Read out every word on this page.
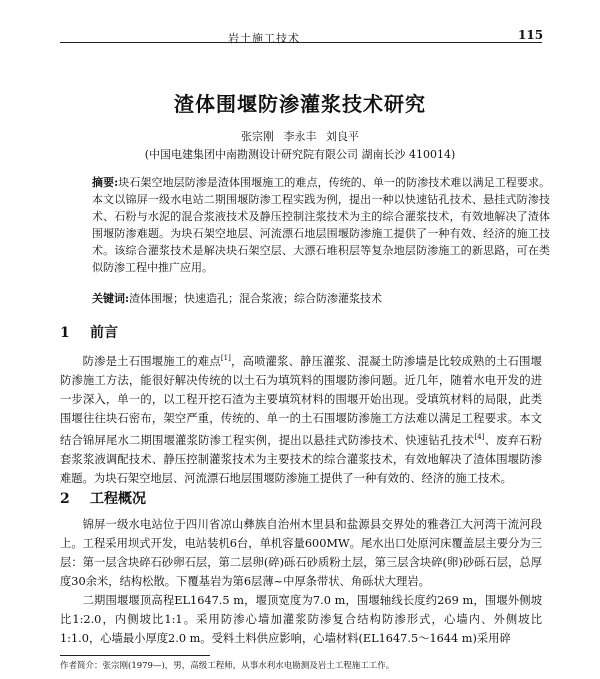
岩土施工技术	115
渣体围堰防渗灌浆技术研究
张宗刚 李永丰 刘良平
(中国电建集团中南勘测设计研究院有限公司 湖南长沙 410014)

摘要:块石架空地层防渗是渣体围堰施工的难点，传统的、单一的防渗技术难以满足工程要求。本文以锦屏一级水电站二期围堰防渗工程实践为例，提出一种以快速钻孔技术、悬挂式防渗技术、石粉与水泥的混合浆液技术及静压控制注浆技术为主的综合灌浆技术，有效地解决了渣体围堰防渗难题。为块石架空地层、河流漂石地层围堰防渗施工提供了一种有效、经济的施工技术。该综合灌浆技术是解决块石架空层、大漂石堆积层等复杂地层防渗施工的新思路，可在类似防渗工程中推广应用。

关键词:渣体围堰；快速造孔；混合浆液；综合防渗灌浆技术

1 前言

防渗是土石围堰施工的难点[1]，高喷灌浆、静压灌浆、混凝土防渗墙是比较成熟的土石围堰防渗施工方法，能很好解决传统的以土石为填筑料的围堰防渗问题。近几年，随着水电开发的进一步深入，单一的，以工程开挖石渣为主要填筑材料的围堰开始出现。受填筑材料的局限，此类围堰往往块石密布，架空严重，传统的、单一的土石围堰防渗施工方法难以满足工程要求。本文结合锦屏尾水二期围堰灌浆防渗工程实例，提出以悬挂式防渗技术、快速钻孔技术[4]、废弃石粉套浆浆液调配技术、静压控制灌浆技术为主要技术的综合灌浆技术，有效地解决了渣体围堰防渗难题。为块石架空地层、河流漂石地层围堰防渗施工提供了一种有效的、经济的施工技术。

2 工程概况

锦屏一级水电站位于四川省凉山彝族自治州木里县和盐源县交界处的雅砻江大河湾干流河段上。工程采用坝式开发，电站装机6台，单机容量600MW。尾水出口处原河床覆盖层主要分为三层：第一层含块碎石砂卵石层，第二层卵(碎)砾石砂质粉土层，第三层含块碎(卵)砂砾石层，总厚度30余米，结构松散。下覆基岩为第6层薄~中厚条带状、角砾状大理岩。

二期围堰堰顶高程EL1647.5 m，堰顶宽度为7.0 m，围堰轴线长度约269 m，围堰外侧坡比1:2.0，内侧坡比1:1。采用防渗心墙加灌浆防渗复合结构防渗形式，心墙内、外侧坡比1:1.0，心墙最小厚度2.0 m。受料土料供应影响，心墙材料(EL1647.5～1644 m)采用碎

作者简介：张宗刚(1979—)，男，高级工程师，从事水利水电勘测及岩土工程施工工作。
